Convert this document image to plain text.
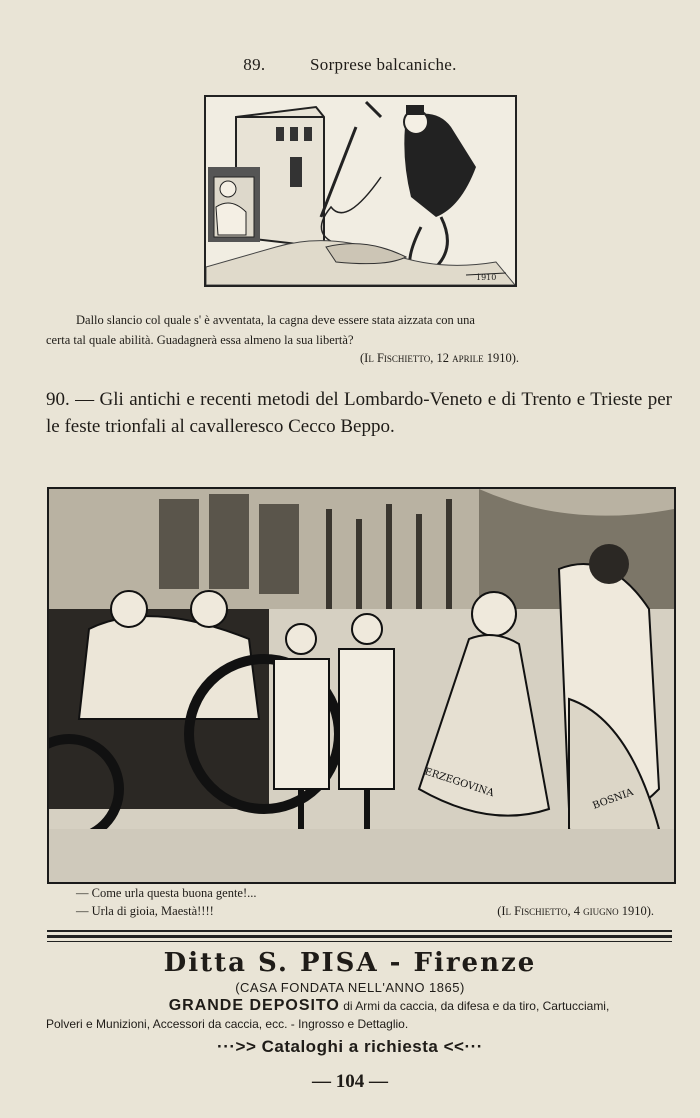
89.	Sorprese balcaniche.
1910
Dallo slancio col quale s' è avventata, la cagna deve essere stata aizzata con una
certa tal quale abilità. Guadagnerà essa almeno la sua libertà?
(Il Fischietto, 12 aprile 1910).
90. — Gli antichi e recenti metodi del Lombardo-Veneto e di Trento e Trieste per le feste trionfali al cavalleresco Cecco Beppo.
ERZEGOVINA
BOSNIA
— Come urla questa buona gente!...
— Urla di gioia, Maestà!!!!	(Il Fischietto, 4 giugno 1910).
Ditta S. PISA - Firenze
(CASA FONDATA NELL'ANNO 1865)
GRANDE DEPOSITO di Armi da caccia, da difesa e da tiro, Cartucciami,
Polveri e Munizioni, Accessori da caccia, ecc. - Ingrosso e Dettaglio.
···>> Cataloghi a richiesta <<···
— 104 —
